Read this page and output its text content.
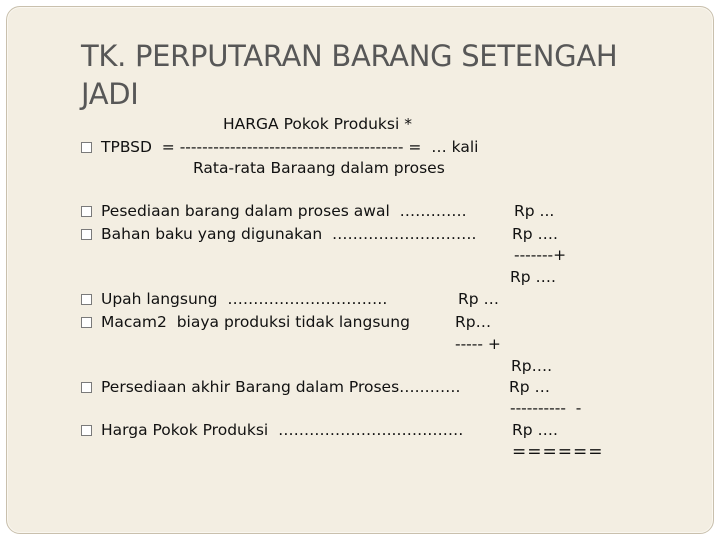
TK. PERPUTARAN BARANG SETENGAH JADI
HARGA Pokok Produksi *
TPBSD  = ---------------------------------------- =  … kali
Rata-rata Baraang dalam proses
Pesediaan barang dalam proses awal  ………….	Rp ...
Bahan baku yang digunakan  ………………………. Rp ….
-------+
Rp ….
Upah langsung  ………………………….	Rp …
Macam2  biaya produksi tidak langsung	Rp…
----- +
Rp….
Persediaan akhir Barang dalam Proses…..…….	Rp …
----------  -
Harga Pokok Produksi  …………………..…….……	Rp ….
======
